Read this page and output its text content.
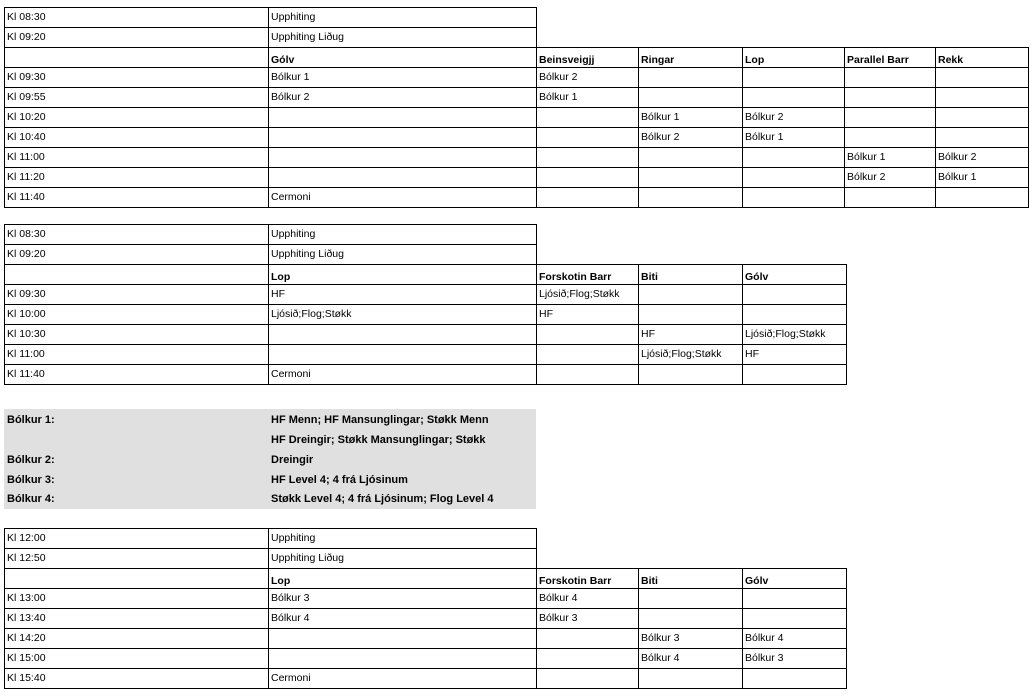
Kl 08:30	Upphiting					
Kl 09:20	Upphiting Liðug					
	Gólv	Beinsveigjj	Ringar	Lop	Parallel Barr	Rekk
Kl 09:30	Bólkur 1	Bólkur 2				
Kl 09:55	Bólkur 2	Bólkur 1				
Kl 10:20			Bólkur 1	Bólkur 2		
Kl 10:40			Bólkur 2	Bólkur 1		
Kl 11:00					Bólkur 1	Bólkur 2
Kl 11:20					Bólkur 2	Bólkur 1
Kl 11:40	Cermoni					
Kl 08:30	Upphiting			
Kl 09:20	Upphiting Liðug			
	Lop	Forskotin Barr	Biti	Gólv
Kl 09:30	HF	Ljósið;Flog;Støkk		
Kl 10:00	Ljósið;Flog;Støkk	HF		
Kl 10:30			HF	Ljósið;Flog;Støkk
Kl 11:00			Ljósið;Flog;Støkk	HF
Kl 11:40	Cermoni			
Bólkur 1:	HF Menn; HF Mansunglingar; Støkk Menn
HF Dreingir; Støkk Mansunglingar; Støkk
Bólkur 2:	Dreingir
Bólkur 3:	HF Level 4; 4 frá Ljósinum
Bólkur 4:	Støkk Level 4; 4 frá Ljósinum; Flog Level 4
Kl 12:00	Upphiting			
Kl 12:50	Upphiting Liðug			
	Lop	Forskotin Barr	Biti	Gólv
Kl 13:00	Bólkur 3	Bólkur 4		
Kl 13:40	Bólkur 4	Bólkur 3		
Kl 14:20			Bólkur 3	Bólkur 4
Kl 15:00			Bólkur 4	Bólkur 3
Kl 15:40	Cermoni			
